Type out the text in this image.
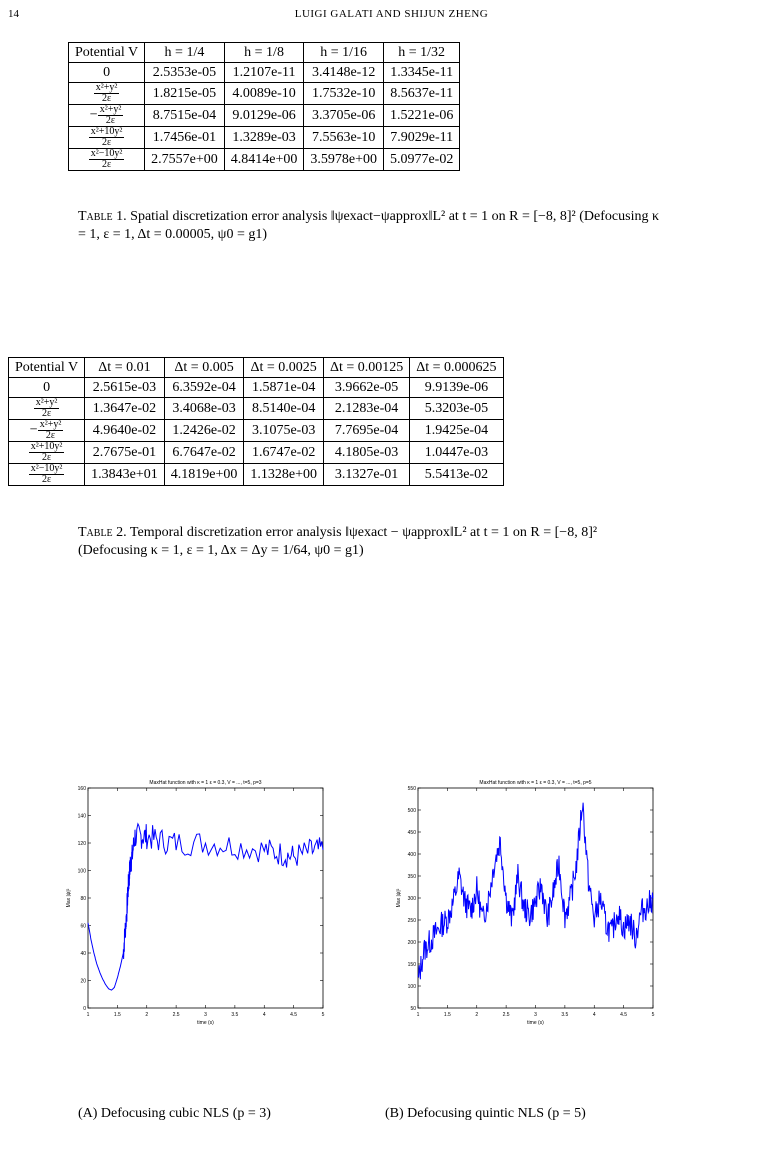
14	LUIGI GALATI AND SHIJUN ZHENG
Potential V	h = 1/4	h = 1/8	h = 1/16	h = 1/32
0	2.5353e-05	1.2107e-11	3.4148e-12	1.3345e-11

$\frac{\text{x²+y²}}{2\varepsilon}$	1.8215e-05	4.0089e-10	1.7532e-10	8.5637e-11
− $\frac{\text{x²+y²}}{2\varepsilon}$	8.7515e-04	9.0129e-06	3.3705e-06	1.5221e-06

$\frac{\text{x²+10y²}}{2\varepsilon}$	1.7456e-01	1.3289e-03	7.5563e-10	7.9029e-11

$\frac{\text{x²−10y²}}{2\varepsilon}$	2.7557e+00	4.8414e+00	3.5978e+00	5.0977e-02
Table 1. Spatial discretization error analysis ‖ψexact−ψapprox‖L² at t = 1 on R = [−8, 8]² (Defocusing κ = 1, ε = 1, Δt = 0.00005, ψ0 = g1)
Potential V	Δt = 0.01	Δt = 0.005	Δt = 0.0025	Δt = 0.00125	Δt = 0.000625
0	2.5615e-03	6.3592e-04	1.5871e-04	3.9662e-05	9.9139e-06

$\frac{\text{x²+y²}}{2\varepsilon}$	1.3647e-02	3.4068e-03	8.5140e-04	2.1283e-04	5.3203e-05
− $\frac{\text{x²+y²}}{2\varepsilon}$	4.9640e-02	1.2426e-02	3.1075e-03	7.7695e-04	1.9425e-04

$\frac{\text{x²+10y²}}{2\varepsilon}$	2.7675e-01	6.7647e-02	1.6747e-02	4.1805e-03	1.0447e-03

$\frac{\text{x²−10y²}}{2\varepsilon}$	1.3843e+01	4.1819e+00	1.1328e+00	3.1327e-01	5.5413e-02
Table 2. Temporal discretization error analysis ‖ψexact − ψapprox‖L² at t = 1 on R = [−8, 8]²
(Defocusing κ = 1, ε = 1, Δx = Δy = 1/64, ψ0 = g1)
MaxHat function with κ = 1 ε = 0.3, V = ..., t=5, p=3
1	1.5	2	2.5	3	3.5	4	4.5	5
0
20
40
60
80
100
120
140
160
time (s)
Max |ψ|²
MaxHat function with κ = 1 ε = 0.3, V = ..., t=5, p=5
1	1.5	2	2.5	3	3.5	4	4.5	5
50
100
150
200
250
300
350
400
450
500
550
time (s)
Max |ψ|²
(A) Defocusing cubic NLS (p = 3)	(B) Defocusing quintic NLS (p = 5)
